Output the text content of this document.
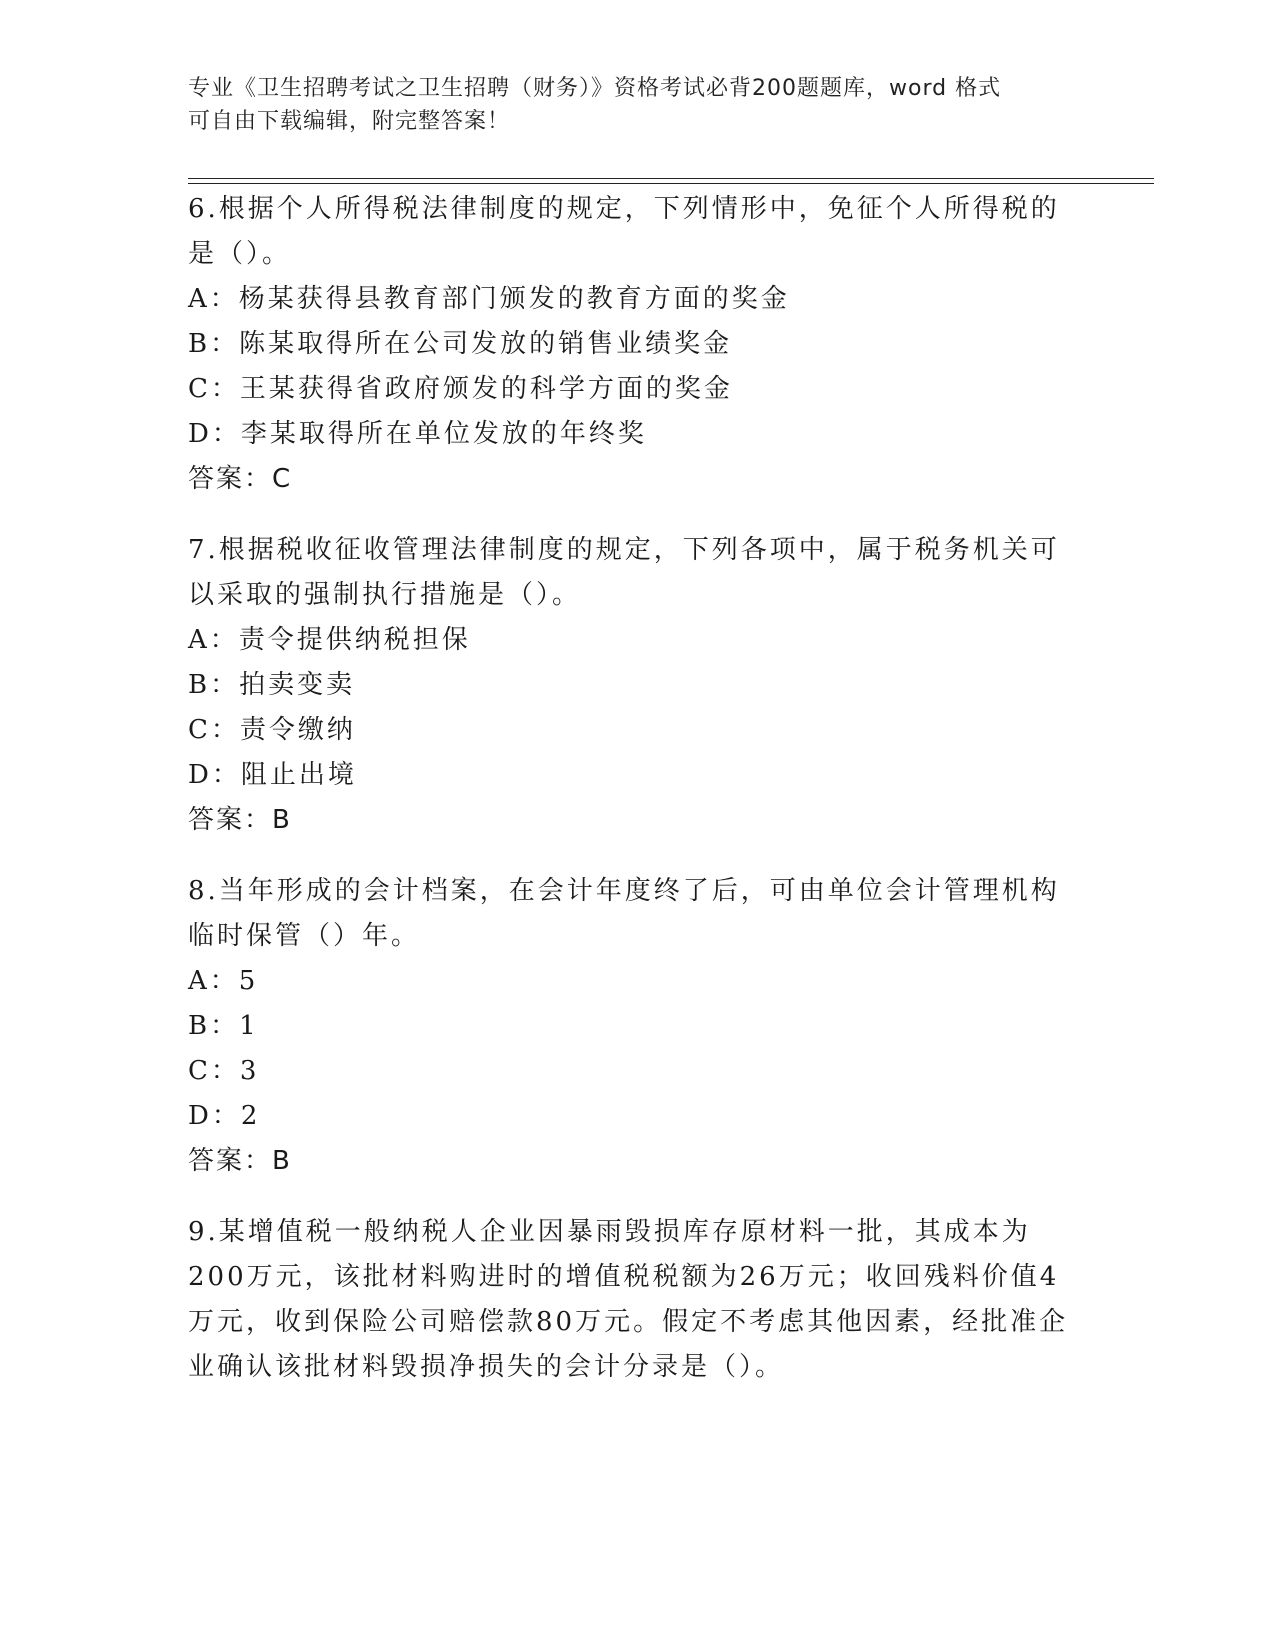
专业《卫生招聘考试之卫生招聘（财务）》资格考试必背200题题库，word 格式
可自由下载编辑，附完整答案！
6.根据个人所得税法律制度的规定，下列情形中，免征个人所得税的是（）。
A：杨某获得县教育部门颁发的教育方面的奖金
B：陈某取得所在公司发放的销售业绩奖金
C：王某获得省政府颁发的科学方面的奖金
D：李某取得所在单位发放的年终奖
答案：C
7.根据税收征收管理法律制度的规定，下列各项中，属于税务机关可以采取的强制执行措施是（）。
A：责令提供纳税担保
B：拍卖变卖
C：责令缴纳
D：阻止出境
答案：B
8.当年形成的会计档案，在会计年度终了后，可由单位会计管理机构临时保管（）年。
A：5
B：1
C：3
D：2
答案：B
9.某增值税一般纳税人企业因暴雨毁损库存原材料一批，其成本为200万元，该批材料购进时的增值税税额为26万元；收回残料价值4万元，收到保险公司赔偿款80万元。假定不考虑其他因素，经批准企业确认该批材料毁损净损失的会计分录是（）。
